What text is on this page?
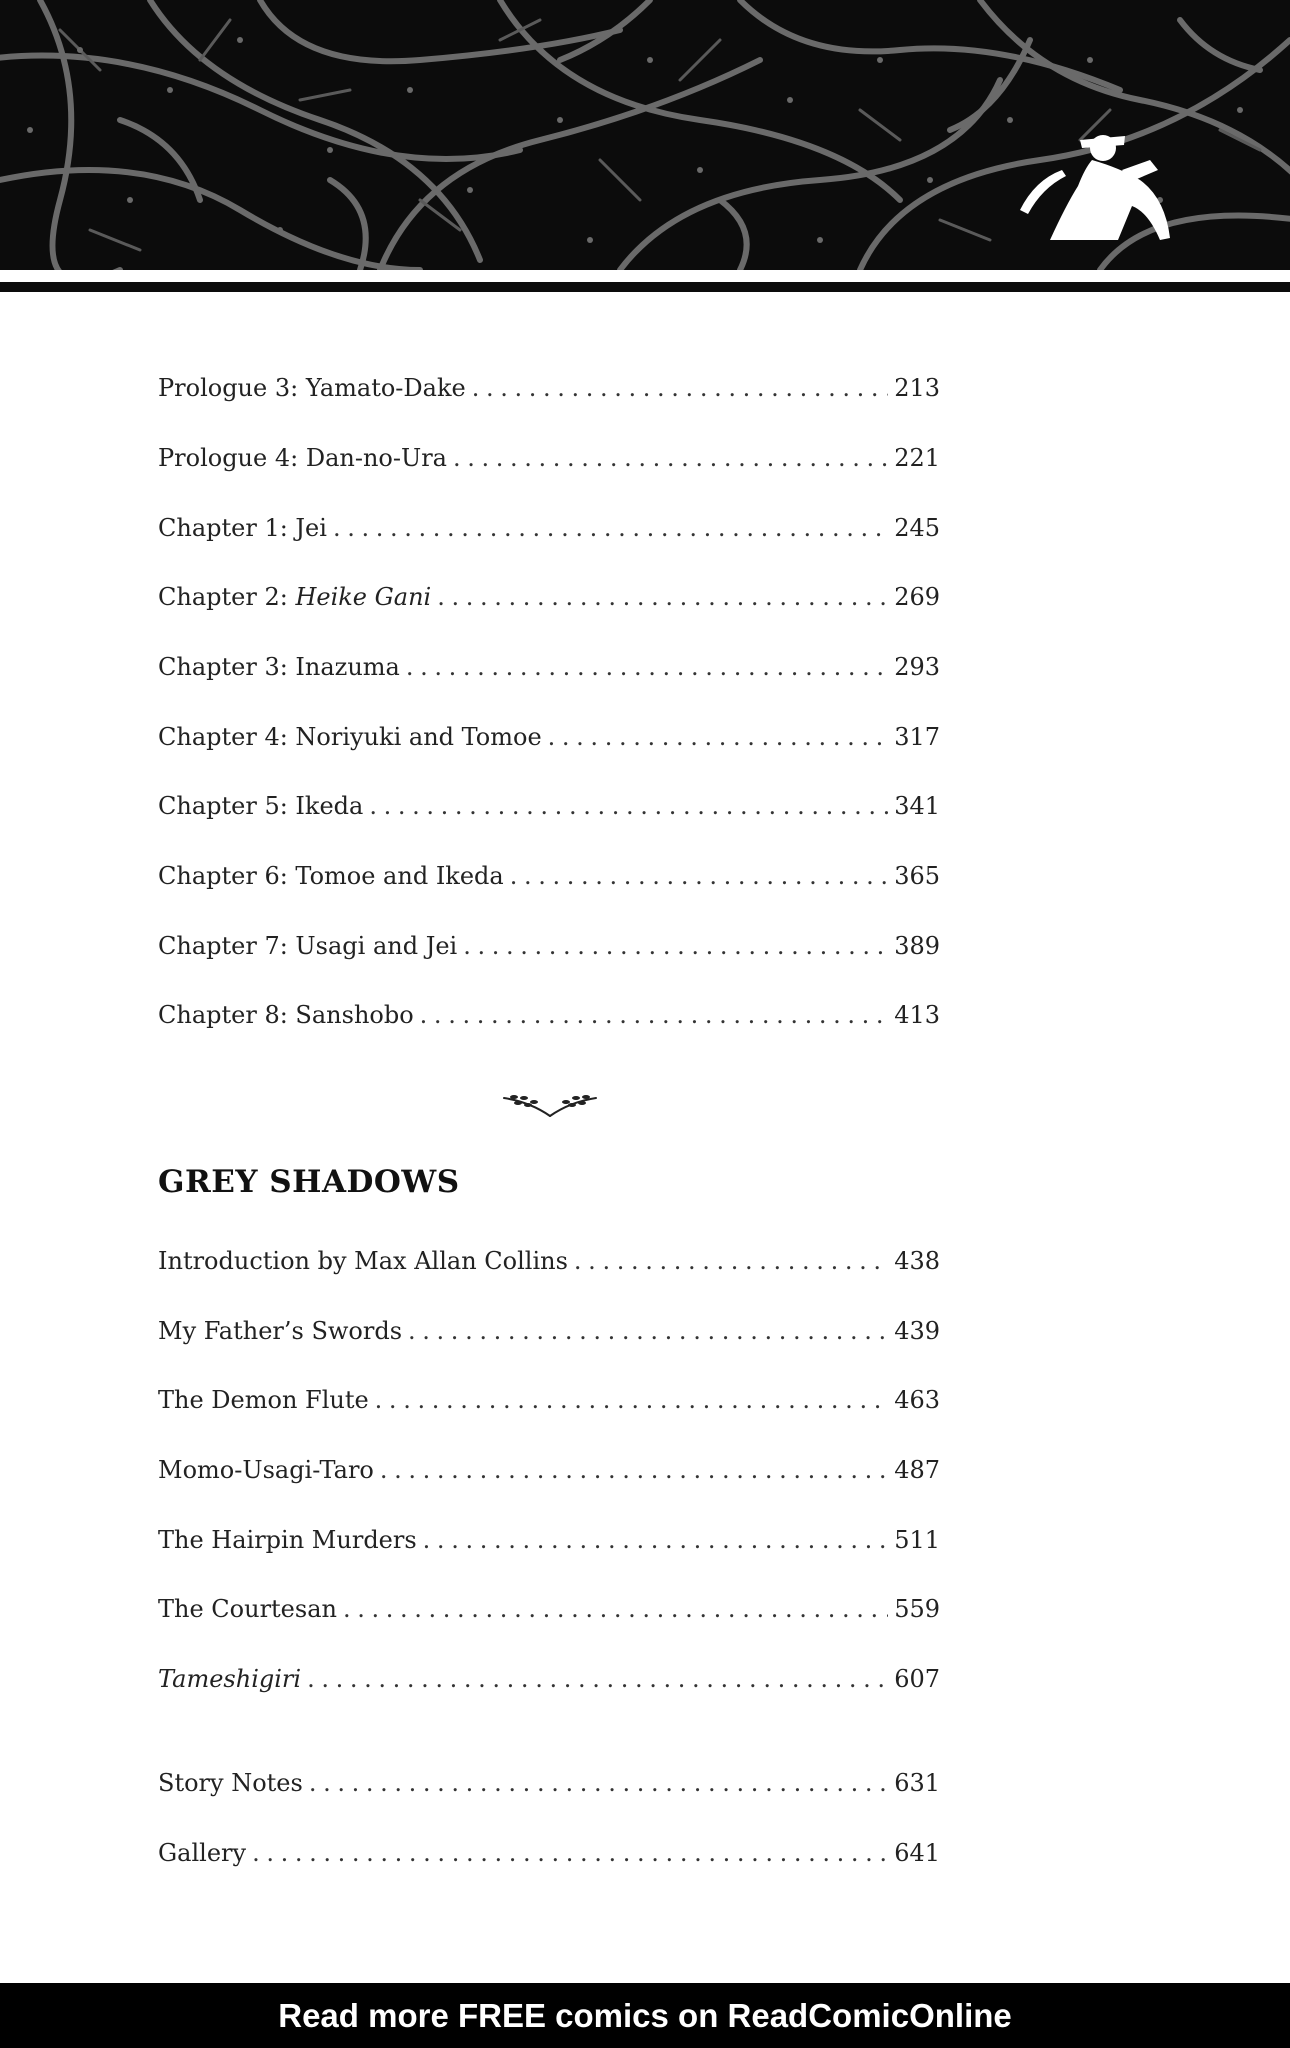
Prologue 3: Yamato-Dake . . .	213
Prologue 4: Dan-no-Ura . . .	221
Chapter 1: Jei . . .	245
Chapter 2: Heike Gani . . .	269
Chapter 3: Inazuma . . .	293
Chapter 4: Noriyuki and Tomoe . . .	317
Chapter 5: Ikeda . . .	341
Chapter 6: Tomoe and Ikeda . . .	365
Chapter 7: Usagi and Jei . . .	389
Chapter 8: Sanshobo . . .	413
GREY SHADOWS
Introduction by Max Allan Collins . . .	438
My Father’s Swords . . .	439
The Demon Flute . . .	463
Momo-Usagi-Taro . . .	487
The Hairpin Murders . . .	511
The Courtesan . . .	559
Tameshigiri . . .	607
Story Notes . . .	631
Gallery . . .	641
Read more FREE comics on ReadComicOnline
